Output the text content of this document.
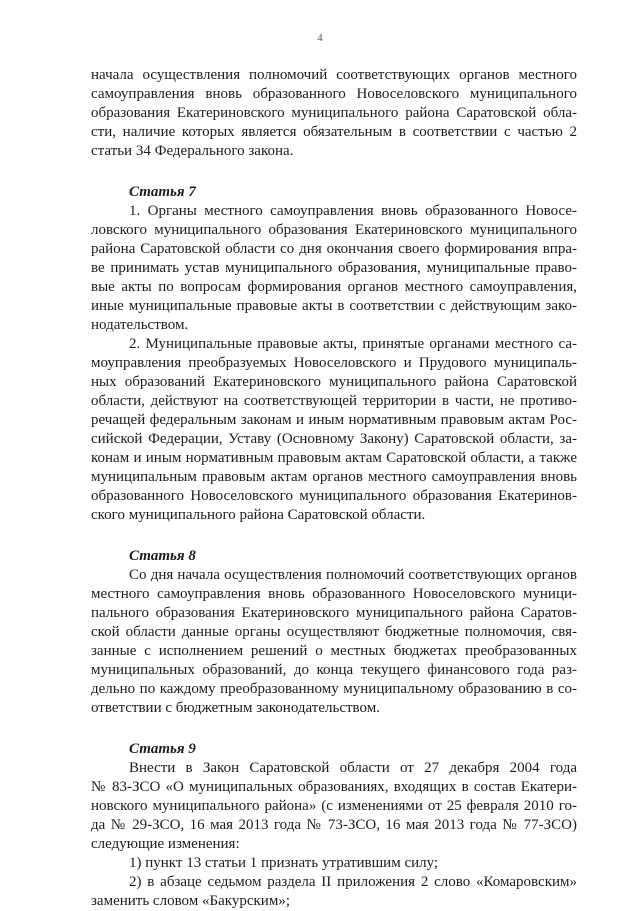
4

начала осуществления полномочий соответствующих органов местного

самоуправления вновь образованного Новоселовского муниципального

образования Екатериновского муниципального района Саратовской обла-

сти, наличие которых является обязательным в соответствии с частью 2

статьи 34 Федерального закона.

Статья 7

1. Органы местного самоуправления вновь образованного Новосе-

ловского муниципального образования Екатериновского муниципального

района Саратовской области со дня окончания своего формирования впра-

ве принимать устав муниципального образования, муниципальные право-

вые акты по вопросам формирования органов местного самоуправления,

иные муниципальные правовые акты в соответствии с действующим зако-

нодательством.

2. Муниципальные правовые акты, принятые органами местного са-

моуправления преобразуемых Новоселовского и Прудового муниципаль-

ных образований Екатериновского муниципального района Саратовской

области, действуют на соответствующей территории в части, не противо-

речащей федеральным законам и иным нормативным правовым актам Рос-

сийской Федерации, Уставу (Основному Закону) Саратовской области, за-

конам и иным нормативным правовым актам Саратовской области, а также

муниципальным правовым актам органов местного самоуправления вновь

образованного Новоселовского муниципального образования Екатеринов-

ского муниципального района Саратовской области.

Статья 8

Со дня начала осуществления полномочий соответствующих органов

местного самоуправления вновь образованного Новоселовского муници-

пального образования Екатериновского муниципального района Саратов-

ской области данные органы осуществляют бюджетные полномочия, свя-

занные с исполнением решений о местных бюджетах преобразованных

муниципальных образований, до конца текущего финансового года раз-

дельно по каждому преобразованному муниципальному образованию в со-

ответствии с бюджетным законодательством.

Статья 9

Внести в Закон Саратовской области от 27 декабря 2004 года

№ 83-ЗСО «О муниципальных образованиях, входящих в состав Екатери-

новского муниципального района» (с изменениями от 25 февраля 2010 го-

да № 29-ЗСО, 16 мая 2013 года № 73-ЗСО, 16 мая 2013 года № 77-ЗСО)

следующие изменения:

1) пункт 13 статьи 1 признать утратившим силу;

2) в абзаце седьмом раздела II приложения 2 слово «Комаровским»

заменить словом «Бакурским»;
